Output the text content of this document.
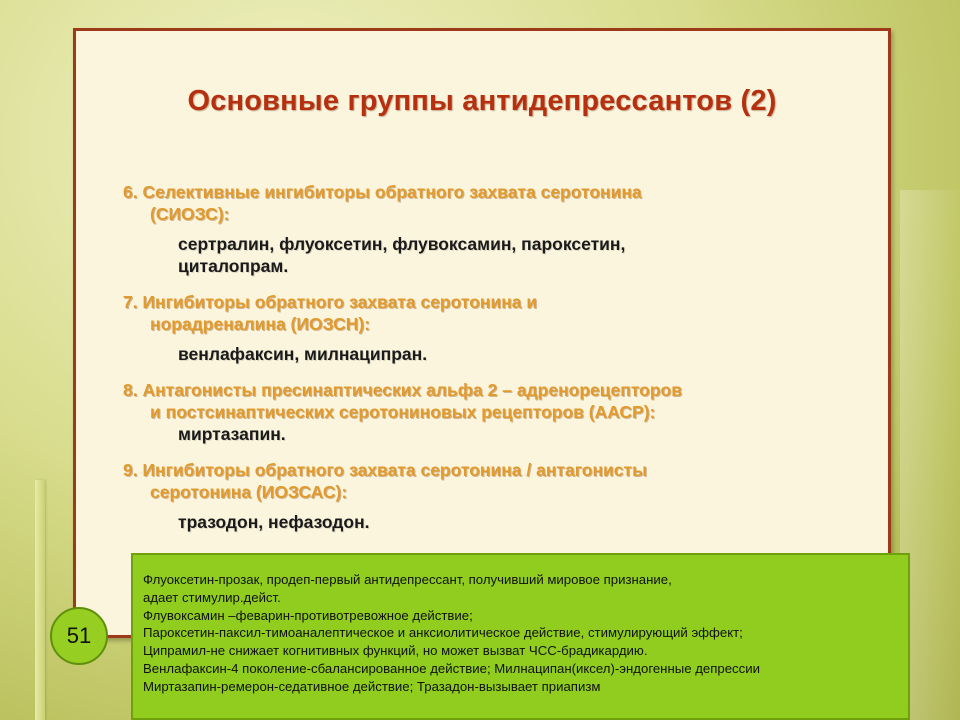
Основные группы антидепрессантов (2)
6. Селективные ингибиторы обратного захвата серотонина
(СИОЗС):
сертралин, флуоксетин, флувоксамин, пароксетин,
циталопрам.
7. Ингибиторы обратного захвата серотонина и
норадреналина (ИОЗСН):
венлафаксин, милнаципран.
8. Антагонисты пресинаптических альфа 2 – адренорецепторов
и постсинаптических серотониновых рецепторов (ААСР):
миртазапин.
9. Ингибиторы обратного захвата серотонина / антагонисты
серотонина (ИОЗСАС):
тразодон, нефазодон.
Флуоксетин-прозак, продеп-первый антидепрессант, получивший мировое признание,
адает стимулир.дейст.
Флувоксамин –феварин-противотревожное действие;
Пароксетин-паксил-тимоаналептическое и анксиолитическое действие, стимулирующий эффект;
Ципрамил-не снижает когнитивных функций, но может вызват ЧСС-брадикардию.
Венлафаксин-4 поколение-сбалансированное действие; Милнаципан(иксел)-эндогенные депрессии
Миртазапин-ремерон-седативное действие; Тразадон-вызывает приапизм
51
